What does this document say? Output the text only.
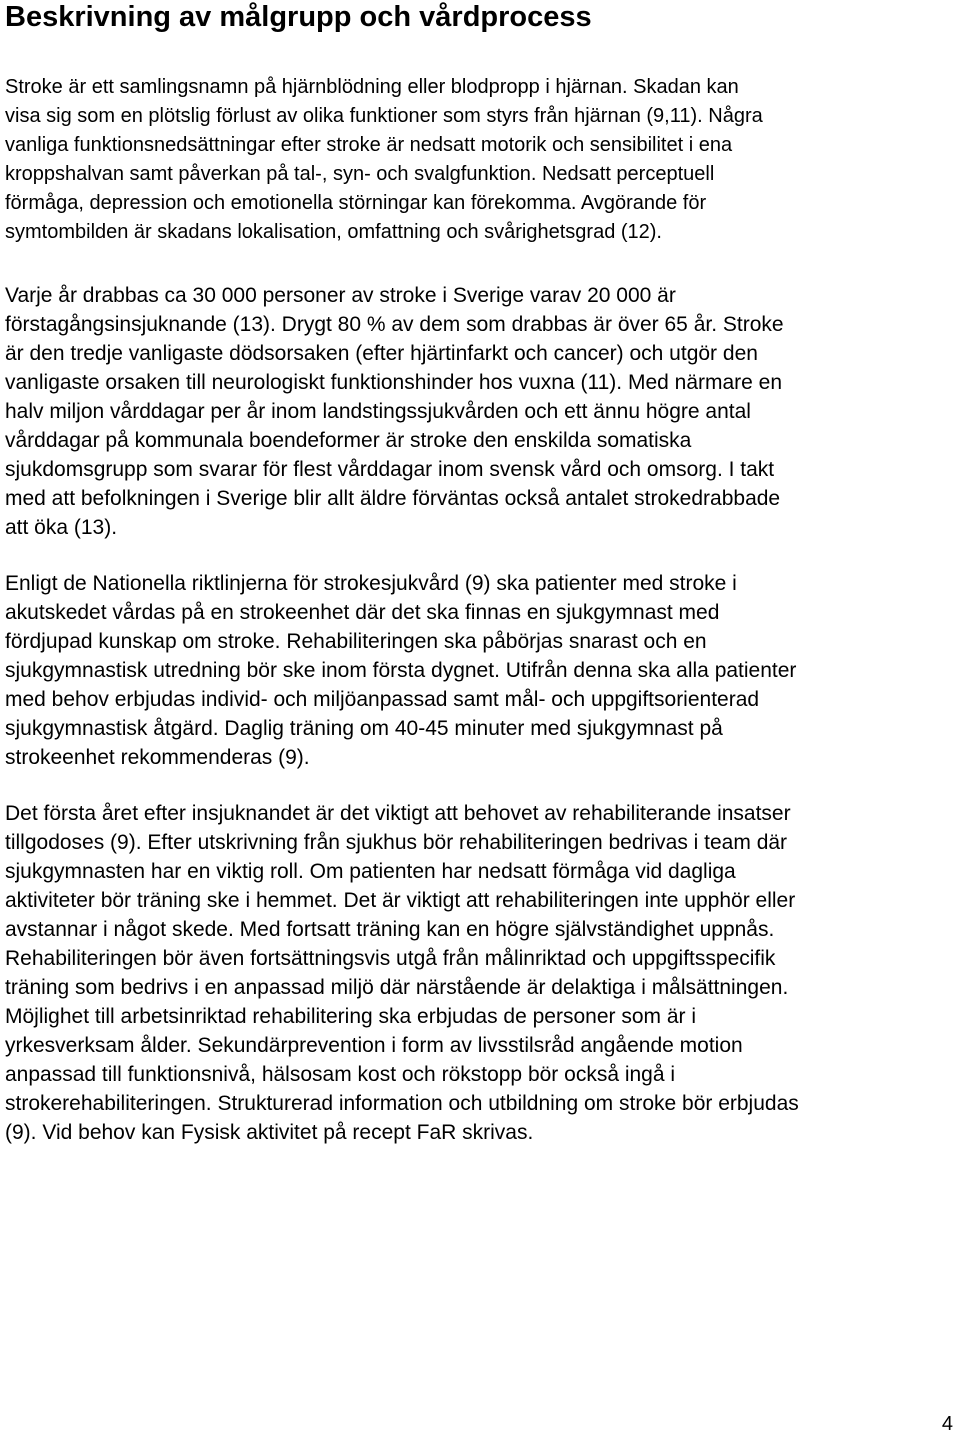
Beskrivning av målgrupp och vårdprocess

Stroke är ett samlingsnamn på hjärnblödning eller blodpropp i hjärnan. Skadan kan
visa sig som en plötslig förlust av olika funktioner som styrs från hjärnan (9,11). Några
vanliga funktionsnedsättningar efter stroke är nedsatt motorik och sensibilitet i ena
kroppshalvan samt påverkan på tal-, syn- och svalgfunktion. Nedsatt perceptuell
förmåga, depression och emotionella störningar kan förekomma. Avgörande för
symtombilden är skadans lokalisation, omfattning och svårighetsgrad (12).

Varje år drabbas ca 30 000 personer av stroke i Sverige varav 20 000 är
förstagångsinsjuknande (13). Drygt 80 % av dem som drabbas är över 65 år. Stroke
är den tredje vanligaste dödsorsaken (efter hjärtinfarkt och cancer) och utgör den
vanligaste orsaken till neurologiskt funktionshinder hos vuxna (11). Med närmare en
halv miljon vårddagar per år inom landstingssjukvården och ett ännu högre antal
vårddagar på kommunala boendeformer är stroke den enskilda somatiska
sjukdomsgrupp som svarar för flest vårddagar inom svensk vård och omsorg. I takt
med att befolkningen i Sverige blir allt äldre förväntas också antalet strokedrabbade
att öka (13).

Enligt de Nationella riktlinjerna för strokesjukvård (9) ska patienter med stroke i
akutskedet vårdas på en strokeenhet där det ska finnas en sjukgymnast med
fördjupad kunskap om stroke. Rehabiliteringen ska påbörjas snarast och en
sjukgymnastisk utredning bör ske inom första dygnet. Utifrån denna ska alla patienter
med behov erbjudas individ- och miljöanpassad samt mål- och uppgiftsorienterad
sjukgymnastisk åtgärd. Daglig träning om 40-45 minuter med sjukgymnast på
strokeenhet rekommenderas (9).

Det första året efter insjuknandet är det viktigt att behovet av rehabiliterande insatser
tillgodoses (9). Efter utskrivning från sjukhus bör rehabiliteringen bedrivas i team där
sjukgymnasten har en viktig roll. Om patienten har nedsatt förmåga vid dagliga
aktiviteter bör träning ske i hemmet. Det är viktigt att rehabiliteringen inte upphör eller
avstannar i något skede. Med fortsatt träning kan en högre självständighet uppnås.
Rehabiliteringen bör även fortsättningsvis utgå från målinriktad och uppgiftsspecifik
träning som bedrivs i en anpassad miljö där närstående är delaktiga i målsättningen.
Möjlighet till arbetsinriktad rehabilitering ska erbjudas de personer som är i
yrkesverksam ålder. Sekundärprevention i form av livsstilsråd angående motion
anpassad till funktionsnivå, hälsosam kost och rökstopp bör också ingå i
strokerehabiliteringen. Strukturerad information och utbildning om stroke bör erbjudas
(9). Vid behov kan Fysisk aktivitet på recept FaR skrivas.

4
